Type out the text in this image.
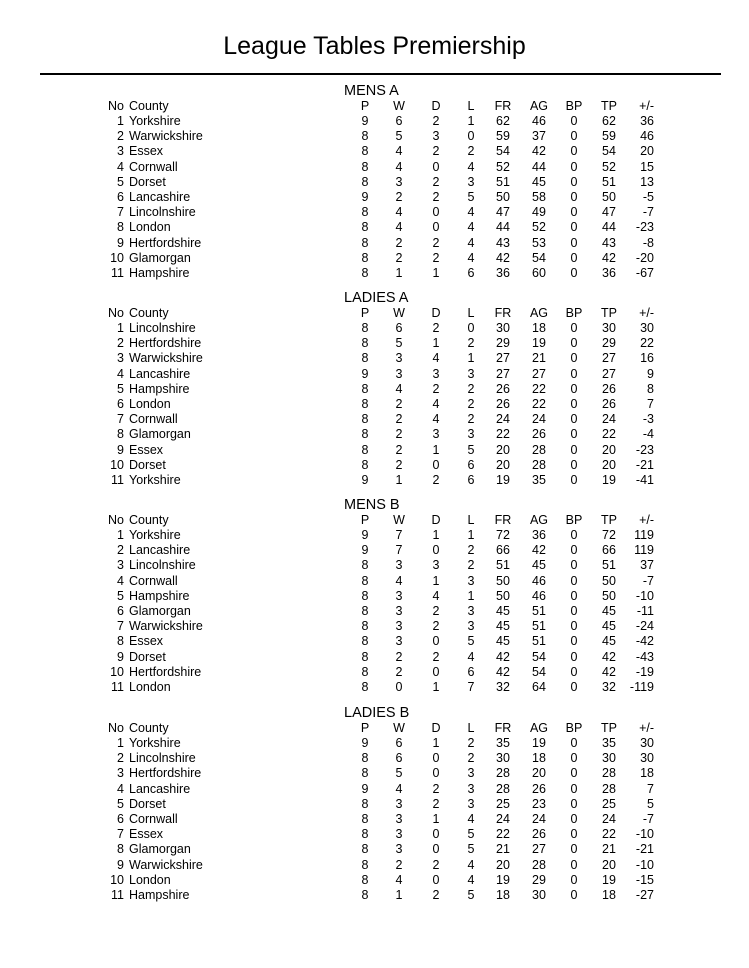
League Tables Premiership
MENS A
No County	P	W	D	L	FR	AG	BP	TP	+/-
1 Yorkshire	9	6	2	1	62	46	0	62	36
2 Warwickshire	8	5	3	0	59	37	0	59	46
3 Essex	8	4	2	2	54	42	0	54	20
4 Cornwall	8	4	0	4	52	44	0	52	15
5 Dorset	8	3	2	3	51	45	0	51	13
6 Lancashire	9	2	2	5	50	58	0	50	-5
7 Lincolnshire	8	4	0	4	47	49	0	47	-7
8 London	8	4	0	4	44	52	0	44	-23
9 Hertfordshire	8	2	2	4	43	53	0	43	-8
10 Glamorgan	8	2	2	4	42	54	0	42	-20
11 Hampshire	8	1	1	6	36	60	0	36	-67
LADIES A
No County	P	W	D	L	FR	AG	BP	TP	+/-
1 Lincolnshire	8	6	2	0	30	18	0	30	30
2 Hertfordshire	8	5	1	2	29	19	0	29	22
3 Warwickshire	8	3	4	1	27	21	0	27	16
4 Lancashire	9	3	3	3	27	27	0	27	9
5 Hampshire	8	4	2	2	26	22	0	26	8
6 London	8	2	4	2	26	22	0	26	7
7 Cornwall	8	2	4	2	24	24	0	24	-3
8 Glamorgan	8	2	3	3	22	26	0	22	-4
9 Essex	8	2	1	5	20	28	0	20	-23
10 Dorset	8	2	0	6	20	28	0	20	-21
11 Yorkshire	9	1	2	6	19	35	0	19	-41
MENS B
No County	P	W	D	L	FR	AG	BP	TP	+/-
1 Yorkshire	9	7	1	1	72	36	0	72	119
2 Lancashire	9	7	0	2	66	42	0	66	119
3 Lincolnshire	8	3	3	2	51	45	0	51	37
4 Cornwall	8	4	1	3	50	46	0	50	-7
5 Hampshire	8	3	4	1	50	46	0	50	-10
6 Glamorgan	8	3	2	3	45	51	0	45	-11
7 Warwickshire	8	3	2	3	45	51	0	45	-24
8 Essex	8	3	0	5	45	51	0	45	-42
9 Dorset	8	2	2	4	42	54	0	42	-43
10 Hertfordshire	8	2	0	6	42	54	0	42	-19
11 London	8	0	1	7	32	64	0	32	-119
LADIES B
No County	P	W	D	L	FR	AG	BP	TP	+/-
1 Yorkshire	9	6	1	2	35	19	0	35	30
2 Lincolnshire	8	6	0	2	30	18	0	30	30
3 Hertfordshire	8	5	0	3	28	20	0	28	18
4 Lancashire	9	4	2	3	28	26	0	28	7
5 Dorset	8	3	2	3	25	23	0	25	5
6 Cornwall	8	3	1	4	24	24	0	24	-7
7 Essex	8	3	0	5	22	26	0	22	-10
8 Glamorgan	8	3	0	5	21	27	0	21	-21
9 Warwickshire	8	2	2	4	20	28	0	20	-10
10 London	8	4	0	4	19	29	0	19	-15
11 Hampshire	8	1	2	5	18	30	0	18	-27
